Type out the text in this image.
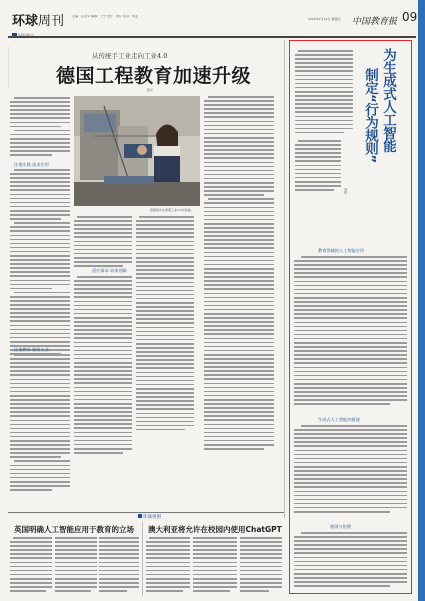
环球周刊	主编：张圣华 编辑：王宁 设计：刘红 校对：刘亚
2023年1月12日 星期四 中国教育报 09
从传统手工业走向工业4.0
德国工程教育加速升级
陈志
注重实践 技术应用
注重教研 服务工业
德国高中生参观工业4.0实验室。
适应需求 改革创新
为生成式人工智能
制定“行为规则”
刘凯
教育领域的人工智能应用
生成式人工智能的挑战
规则与伦理
环球视窗
英国明确人工智能应用于教育的立场 澳大利亚将允许在校园内使用ChatGPT
